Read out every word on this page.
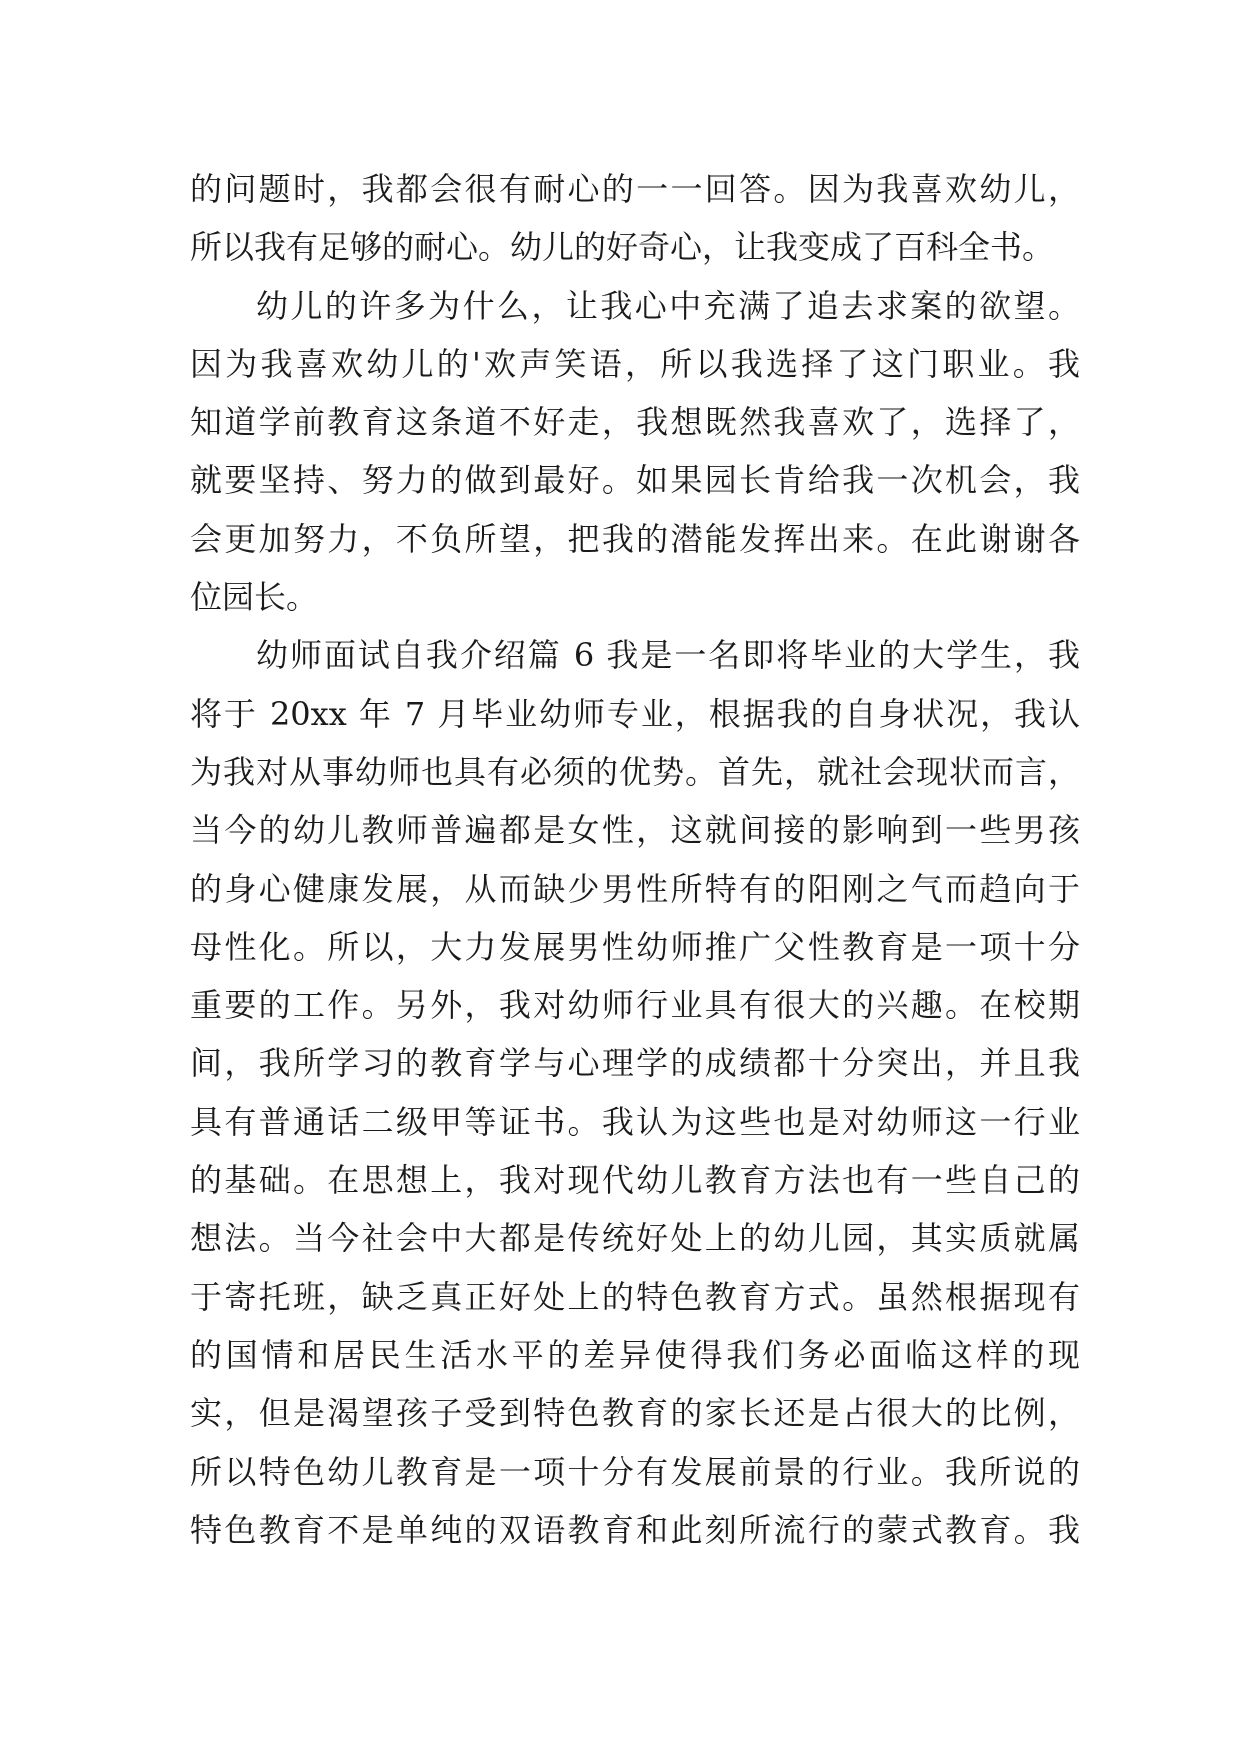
的问题时，我都会很有耐心的一一回答。因为我喜欢幼儿，
所以我有足够的耐心。幼儿的好奇心，让我变成了百科全书。
幼儿的许多为什么，让我心中充满了追去求案的欲望。
因为我喜欢幼儿的'欢声笑语，所以我选择了这门职业。我
知道学前教育这条道不好走，我想既然我喜欢了，选择了，
就要坚持、努力的做到最好。如果园长肯给我一次机会，我
会更加努力，不负所望，把我的潜能发挥出来。在此谢谢各
位园长。
幼师面试自我介绍篇 6 我是一名即将毕业的大学生，我
将于 20xx 年 7 月毕业幼师专业，根据我的自身状况，我认
为我对从事幼师也具有必须的优势。首先，就社会现状而言，
当今的幼儿教师普遍都是女性，这就间接的影响到一些男孩
的身心健康发展，从而缺少男性所特有的阳刚之气而趋向于
母性化。所以，大力发展男性幼师推广父性教育是一项十分
重要的工作。另外，我对幼师行业具有很大的兴趣。在校期
间，我所学习的教育学与心理学的成绩都十分突出，并且我
具有普通话二级甲等证书。我认为这些也是对幼师这一行业
的基础。在思想上，我对现代幼儿教育方法也有一些自己的
想法。当今社会中大都是传统好处上的幼儿园，其实质就属
于寄托班，缺乏真正好处上的特色教育方式。虽然根据现有
的国情和居民生活水平的差异使得我们务必面临这样的现
实，但是渴望孩子受到特色教育的家长还是占很大的比例，
所以特色幼儿教育是一项十分有发展前景的行业。我所说的
特色教育不是单纯的双语教育和此刻所流行的蒙式教育。我
